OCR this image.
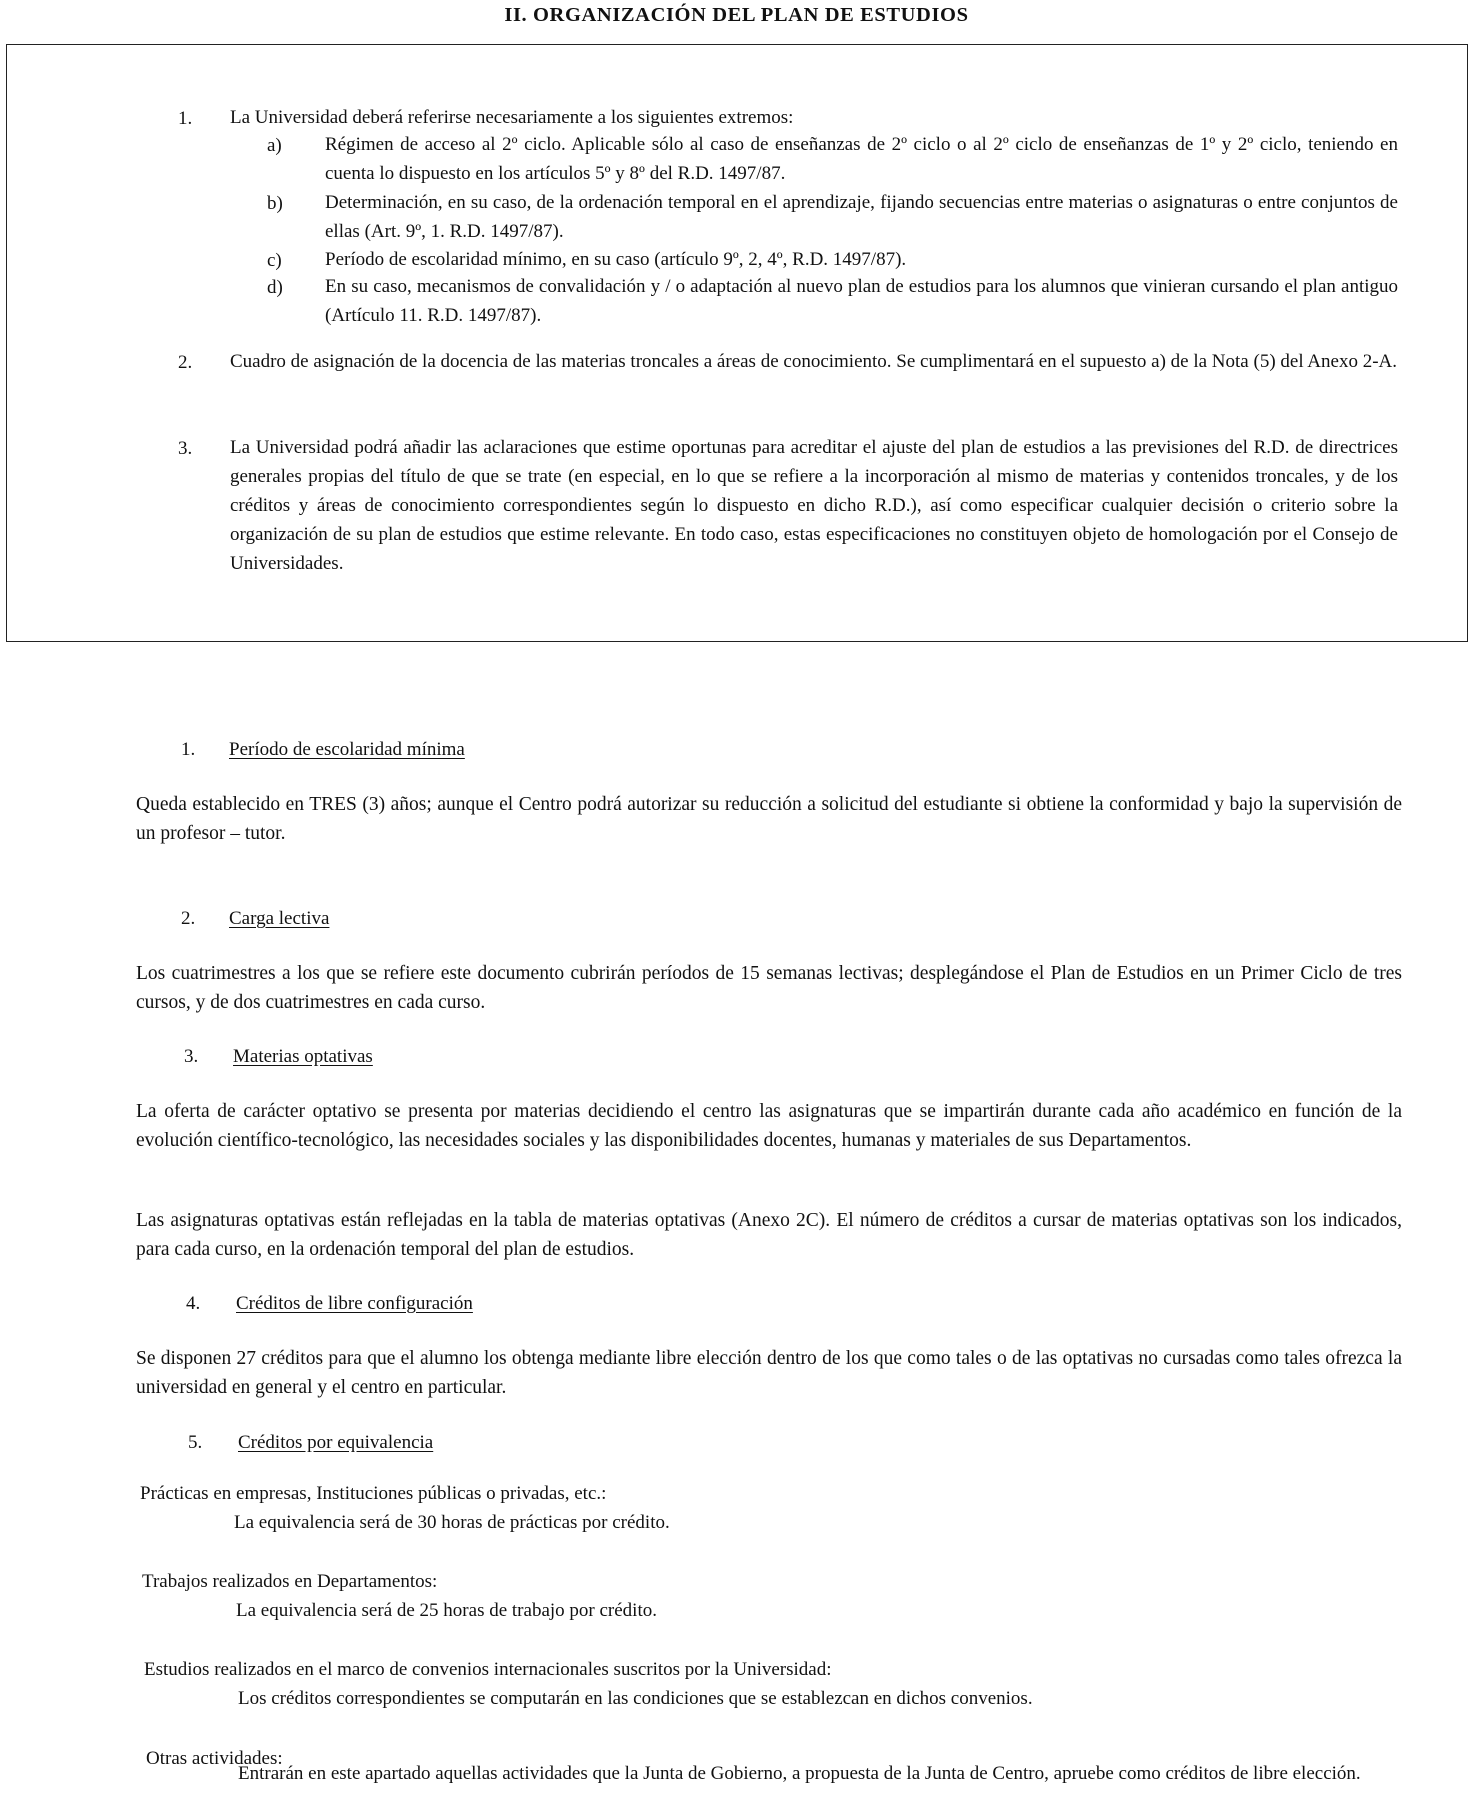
II. ORGANIZACIÓN DEL PLAN DE ESTUDIOS
1. La Universidad deberá referirse necesariamente a los siguientes extremos:
a) Régimen de acceso al 2º ciclo. Aplicable sólo al caso de enseñanzas de 2º ciclo o al 2º ciclo de enseñanzas de 1º y 2º ciclo, teniendo en cuenta lo dispuesto en los artículos 5º y 8º del R.D. 1497/87.
b) Determinación, en su caso, de la ordenación temporal en el aprendizaje, fijando secuencias entre materias o asignaturas o entre conjuntos de ellas (Art. 9º, 1. R.D. 1497/87).
c) Período de escolaridad mínimo, en su caso (artículo 9º, 2, 4º, R.D. 1497/87).
d) En su caso, mecanismos de convalidación y / o adaptación al nuevo plan de estudios para los alumnos que vinieran cursando el plan antiguo (Artículo 11. R.D. 1497/87).
2. Cuadro de asignación de la docencia de las materias troncales a áreas de conocimiento. Se cumplimentará en el supuesto a) de la Nota (5) del Anexo 2-A.
3. La Universidad podrá añadir las aclaraciones que estime oportunas para acreditar el ajuste del plan de estudios a las previsiones del R.D. de directrices generales propias del título de que se trate (en especial, en lo que se refiere a la incorporación al mismo de materias y contenidos troncales, y de los créditos y áreas de conocimiento correspondientes según lo dispuesto en dicho R.D.), así como especificar cualquier decisión o criterio sobre la organización de su plan de estudios que estime relevante. En todo caso, estas especificaciones no constituyen objeto de homologación por el Consejo de Universidades.
1. Período de escolaridad mínima
Queda establecido en TRES (3) años; aunque el Centro podrá autorizar su reducción a solicitud del estudiante si obtiene la conformidad y bajo la supervisión de un profesor – tutor.
2. Carga lectiva
Los cuatrimestres a los que se refiere este documento cubrirán períodos de 15 semanas lectivas; desplegándose el Plan de Estudios en un Primer Ciclo de tres cursos, y de dos cuatrimestres en cada curso.
3. Materias optativas
La oferta de carácter optativo se presenta por materias decidiendo el centro las asignaturas que se impartirán durante cada año académico en función de la evolución científico-tecnológico, las necesidades sociales y las disponibilidades docentes, humanas y materiales de sus Departamentos.
Las asignaturas optativas están reflejadas en la tabla de materias optativas (Anexo 2C). El número de créditos a cursar de materias optativas son los indicados, para cada curso, en la ordenación temporal del plan de estudios.
4. Créditos de libre configuración
Se disponen 27 créditos para que el alumno los obtenga mediante libre elección dentro de los que como tales o de las optativas no cursadas como tales ofrezca la universidad en general y el centro en particular.
5. Créditos por equivalencia
Prácticas en empresas, Instituciones públicas o privadas, etc.:
La equivalencia será de 30 horas de prácticas por crédito.
Trabajos realizados en Departamentos:
La equivalencia será de 25 horas de trabajo por crédito.
Estudios realizados en el marco de convenios internacionales suscritos por la Universidad:
Los créditos correspondientes se computarán en las condiciones que se establezcan en dichos convenios.
Otras actividades:
Entrarán en este apartado aquellas actividades que la Junta de Gobierno, a propuesta de la Junta de Centro, apruebe como créditos de libre elección.
